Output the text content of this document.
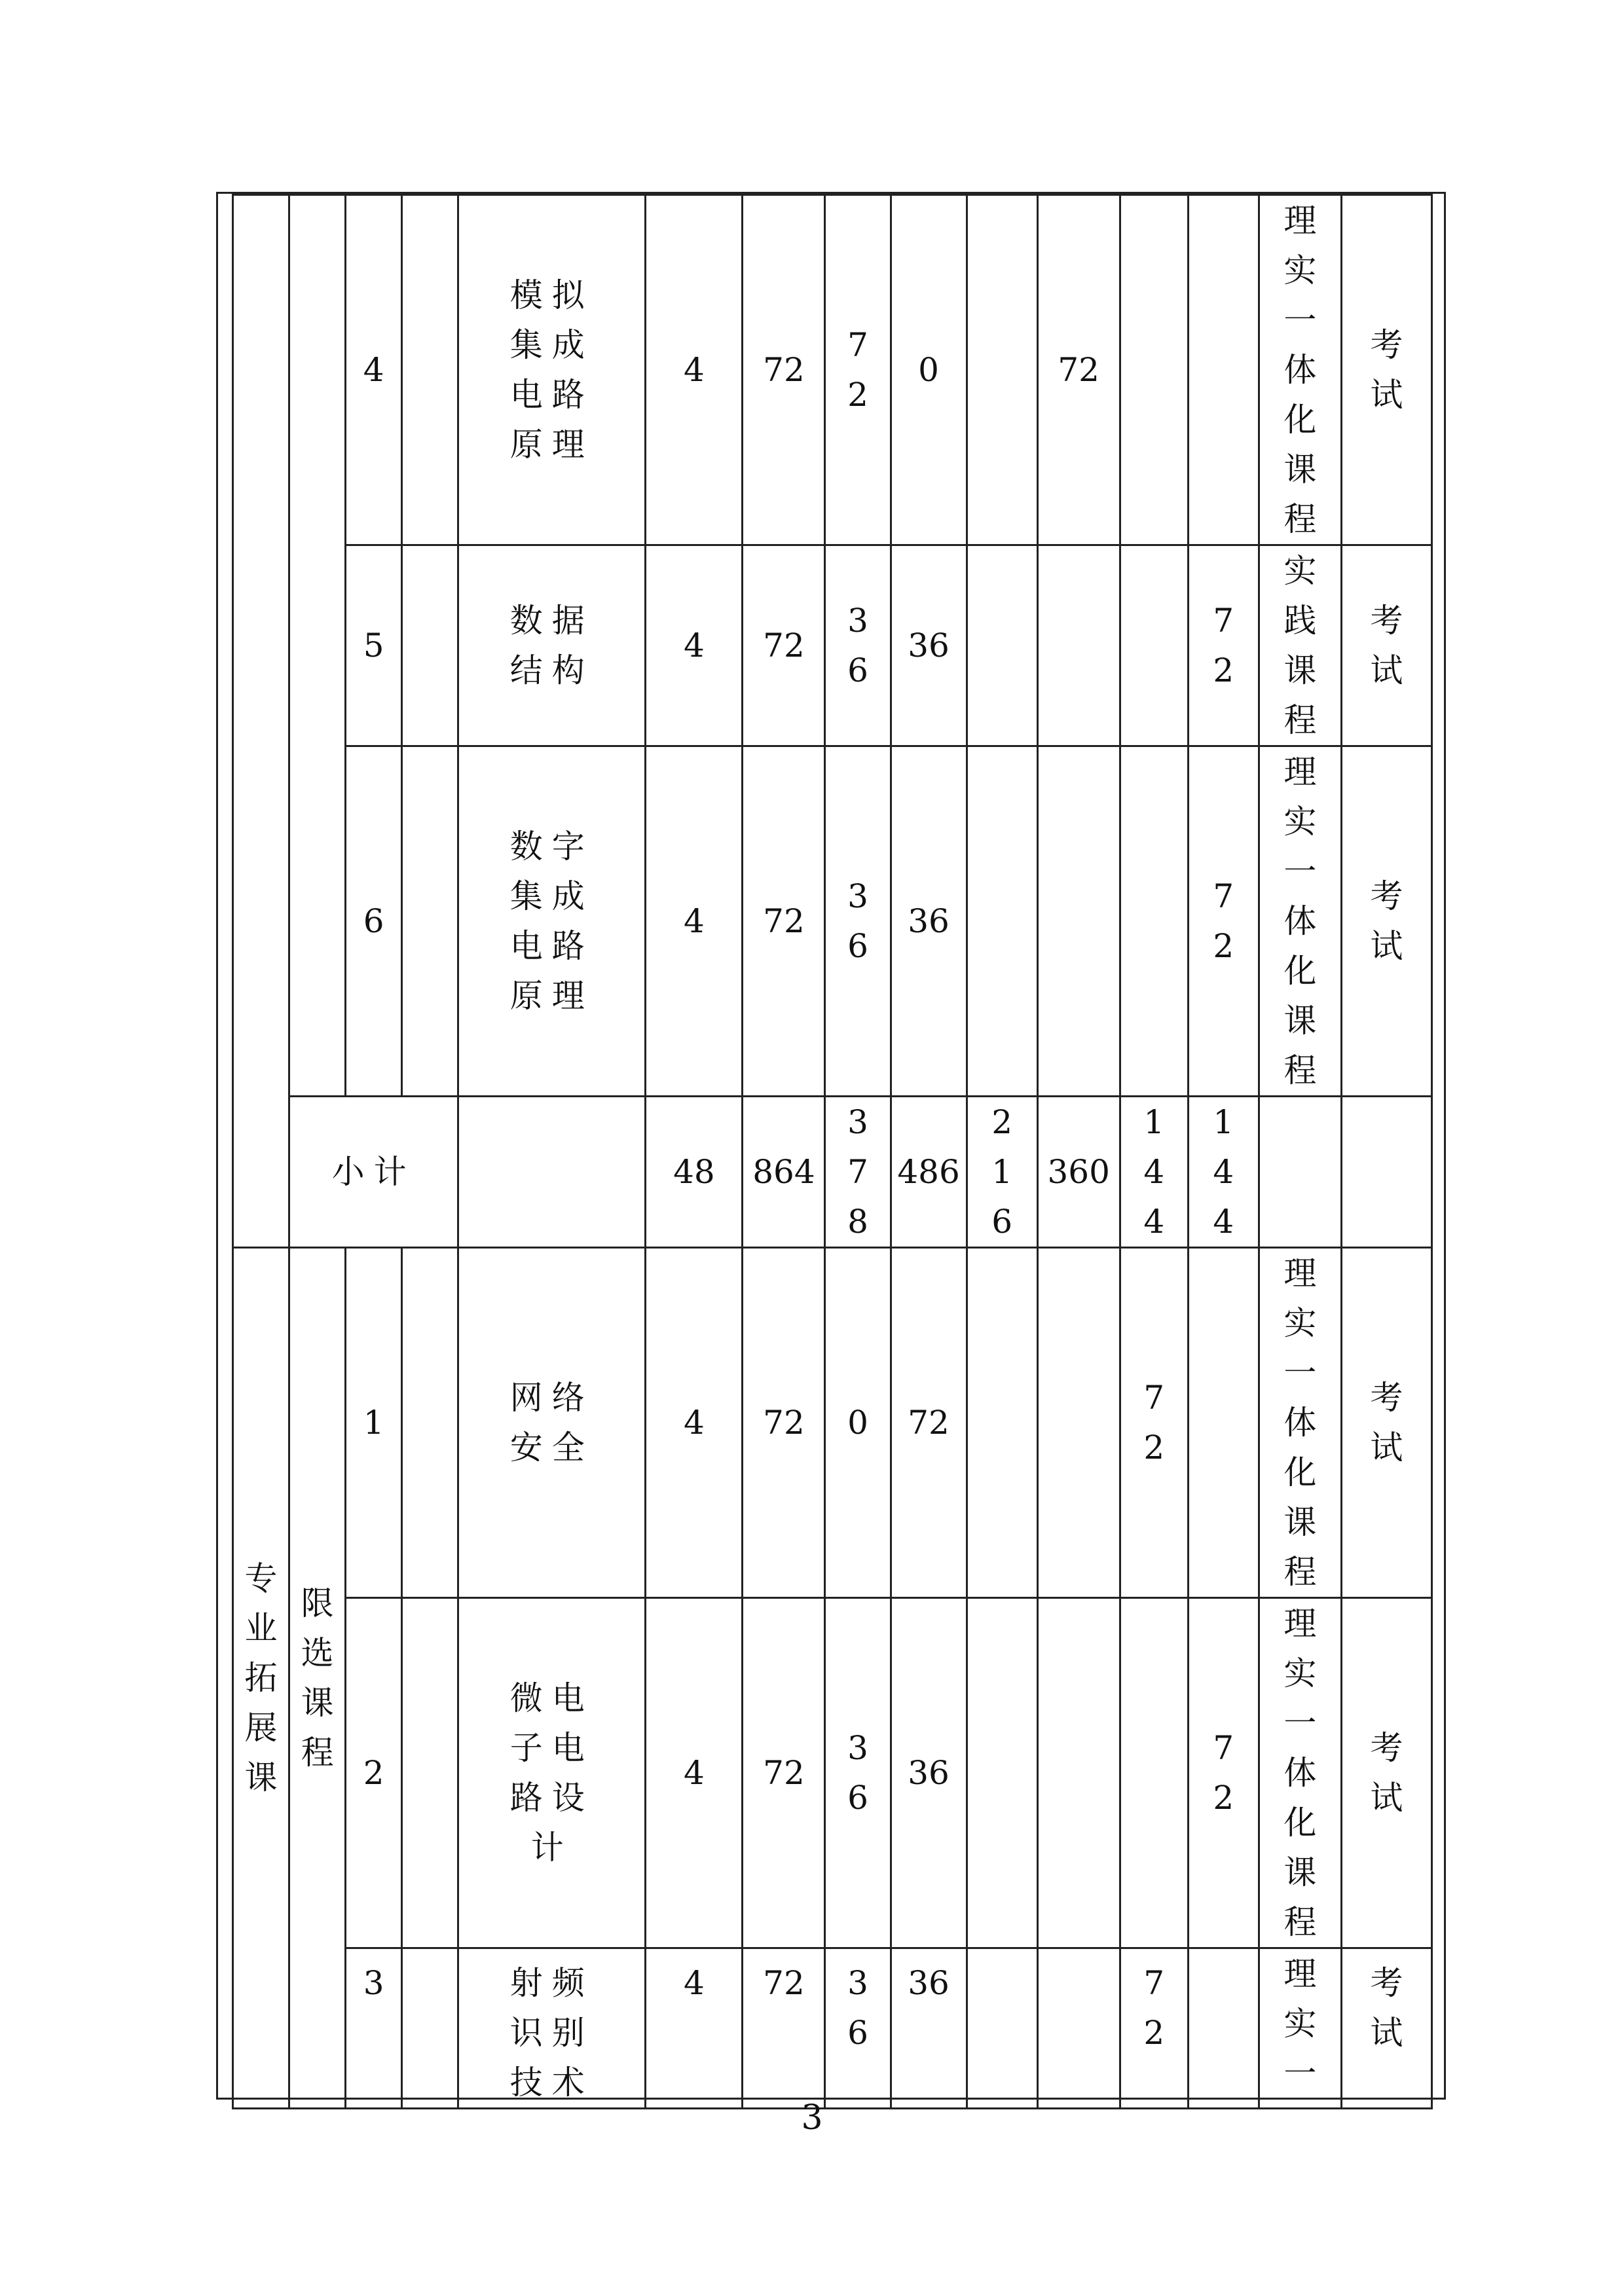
		4		模拟集成电路原理	4	72	72	0		72			理实一体化课程	考试
		5		数据结构	4	72	36	36				72	实践课程	考试
		6		数字集成电路原理	4	72	36	36				72	理实一体化课程	考试
	小计				48	864	378	486	216	360	144	144		
专业拓展课	限选课程	1		网络安全	4	72	0	72			72		理实一体化课程	考试
		2		微电子电路设计	4	72	36	36				72	理实一体化课程	考试
		3		射频识别技术	4	72	36	36			72		理实一	考试
3
